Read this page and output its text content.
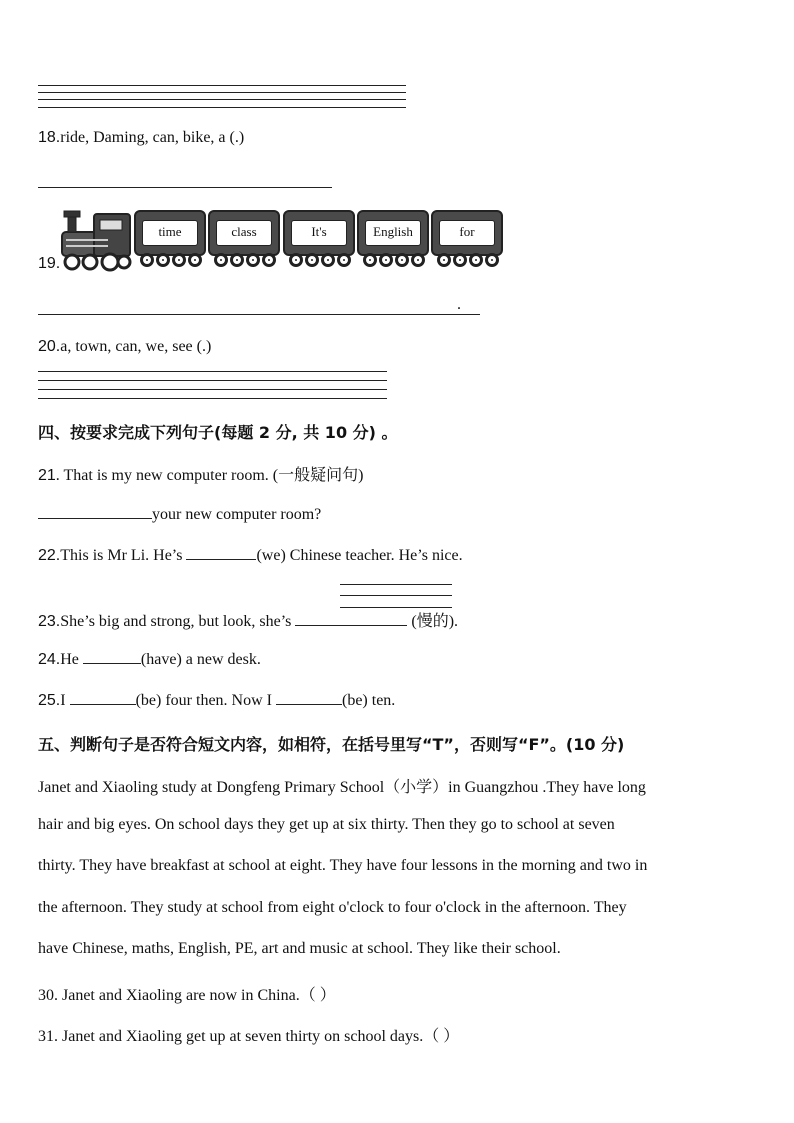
18.ride, Daming, can, bike, a (.)
19.
time	class	It's	English	for
.
20.a, town, can, we, see (.)
四、按要求完成下列句子(每题 2 分, 共 10 分) 。
21. That is my new computer room. (一般疑问句)
your new computer room?
22.This is Mr Li. He’s	(we) Chinese teacher. He’s nice.
23.She’s big and strong, but look, she’s	(慢的).
24.He	(have) a new desk.
25.I	(be) four then. Now I	(be) ten.
五、判断句子是否符合短文内容，如相符，在括号里写“T”，否则写“F”。(10 分)
Janet and Xiaoling study at Dongfeng Primary School（小学）in Guangzhou .They have long
hair and big eyes. On school days they get up at six thirty. Then they go to school at seven
thirty. They have breakfast at school at eight. They have four lessons in the morning and two in
the afternoon. They study at school from eight o'clock to four o'clock in the afternoon. They
have Chinese, maths, English, PE, art and music at school. They like their school.
30. Janet and Xiaoling are now in China.（ ）
31. Janet and Xiaoling get up at seven thirty on school days.（ ）
